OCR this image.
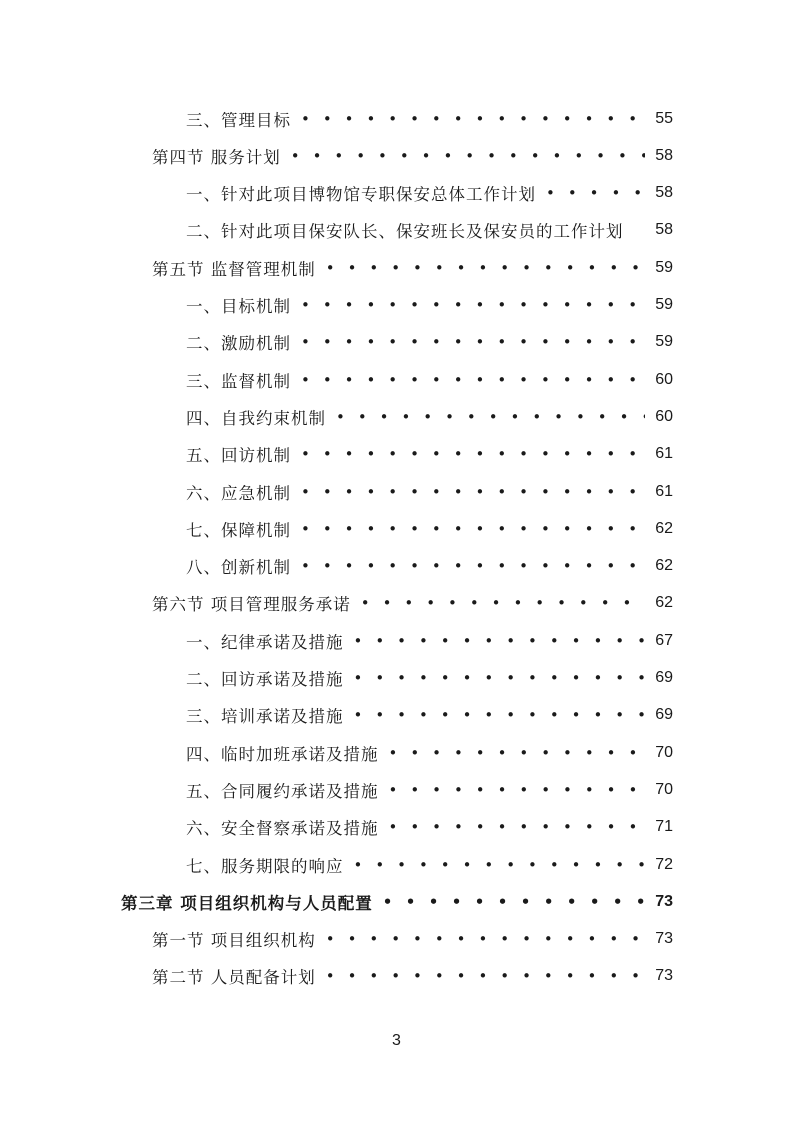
三、管理目标 • • •	55
第四节 服务计划 • • •	58
一、针对此项目博物馆专职保安总体工作计划 • • •	58
二、针对此项目保安队长、保安班长及保安员的工作计划 58
第五节 监督管理机制 • • •	59
一、目标机制 • • •	59
二、激励机制 • • •	59
三、监督机制 • • •	60
四、自我约束机制 • • •	60
五、回访机制 • • •	61
六、应急机制 • • •	61
七、保障机制 • • •	62
八、创新机制 • • •	62
第六节 项目管理服务承诺 • • •	62
一、纪律承诺及措施 • • •	67
二、回访承诺及措施 • • •	69
三、培训承诺及措施 • • •	69
四、临时加班承诺及措施 • • •	70
五、合同履约承诺及措施 • • •	70
六、安全督察承诺及措施 • • •	71
七、服务期限的响应 • • •	72
第三章 项目组织机构与人员配置 • • •	73
第一节 项目组织机构 • • •	73
第二节 人员配备计划 • • •	73
3
